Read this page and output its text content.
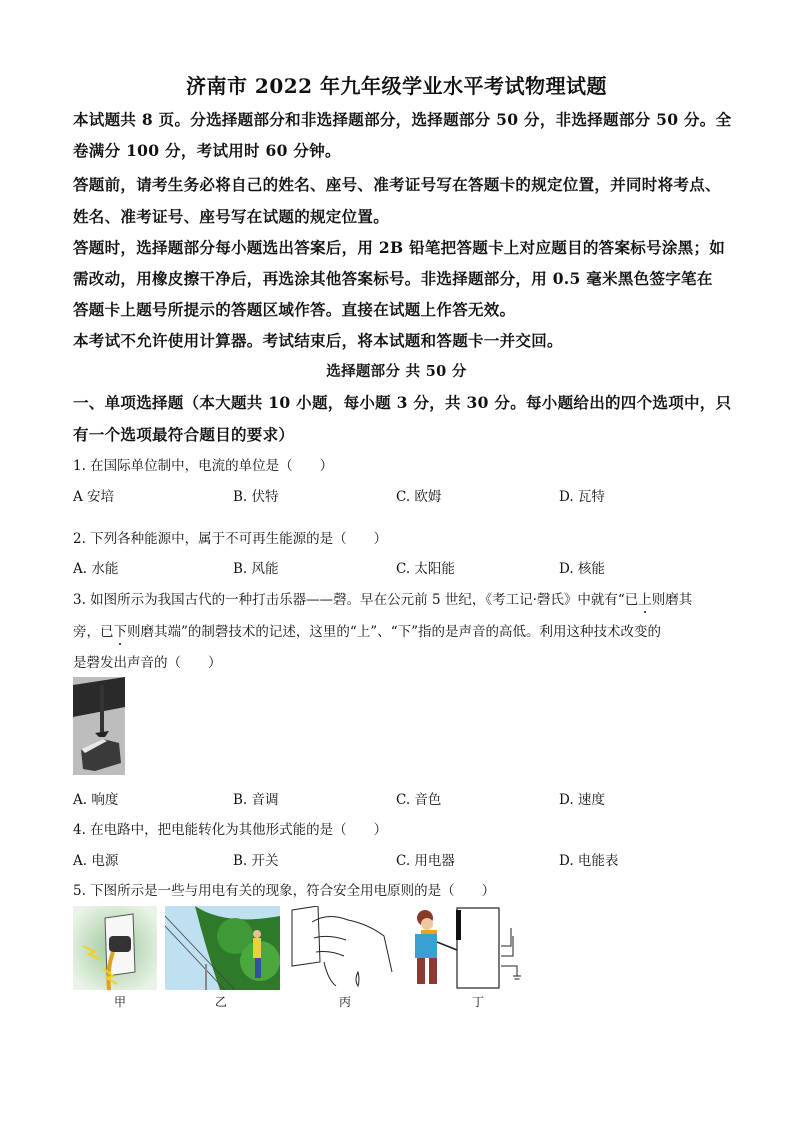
济南市 2022 年九年级学业水平考试物理试题
本试题共 8 页。分选择题部分和非选择题部分，选择题部分 50 分，非选择题部分 50 分。全
卷满分 100 分，考试用时 60 分钟。
答题前，请考生务必将自己的姓名、座号、准考证号写在答题卡的规定位置，并同时将考点、
姓名、准考证号、座号写在试题的规定位置。
答题时，选择题部分每小题选出答案后，用 2B 铅笔把答题卡上对应题目的答案标号涂黑；如
需改动，用橡皮擦干净后，再选涂其他答案标号。非选择题部分，用 0.5 毫米黑色签字笔在
答题卡上题号所提示的答题区域作答。直接在试题上作答无效。
本考试不允许使用计算器。考试结束后，将本试题和答题卡一并交回。
选择题部分 共 50 分
一、单项选择题（本大题共 10 小题，每小题 3 分，共 30 分。每小题给出的四个选项中，只
有一个选项最符合题目的要求）
1. 在国际单位制中，电流的单位是（　　）
A 安培	B. 伏特	C. 欧姆	D. 瓦特
2. 下列各种能源中，属于不可再生能源的是（　　）
A. 水能	B. 风能	C. 太阳能	D. 核能
3. 如图所示为我国古代的一种打击乐器——磬。早在公元前 5 世纪，《考工记·磬氏》中就有“已上则磨其
旁，已下则磨其端”的制磬技术的记述，这里的“上”、“下”指的是声音的高低。利用这种技术改变的
是磬发出声音的（　　）
A. 响度	B. 音调	C. 音色	D. 速度
4. 在电路中，把电能转化为其他形式能的是（　　）
A. 电源	B. 开关	C. 用电器	D. 电能表
5. 下图所示是一些与用电有关的现象，符合安全用电原则的是（　　）
甲	乙	丙	丁
